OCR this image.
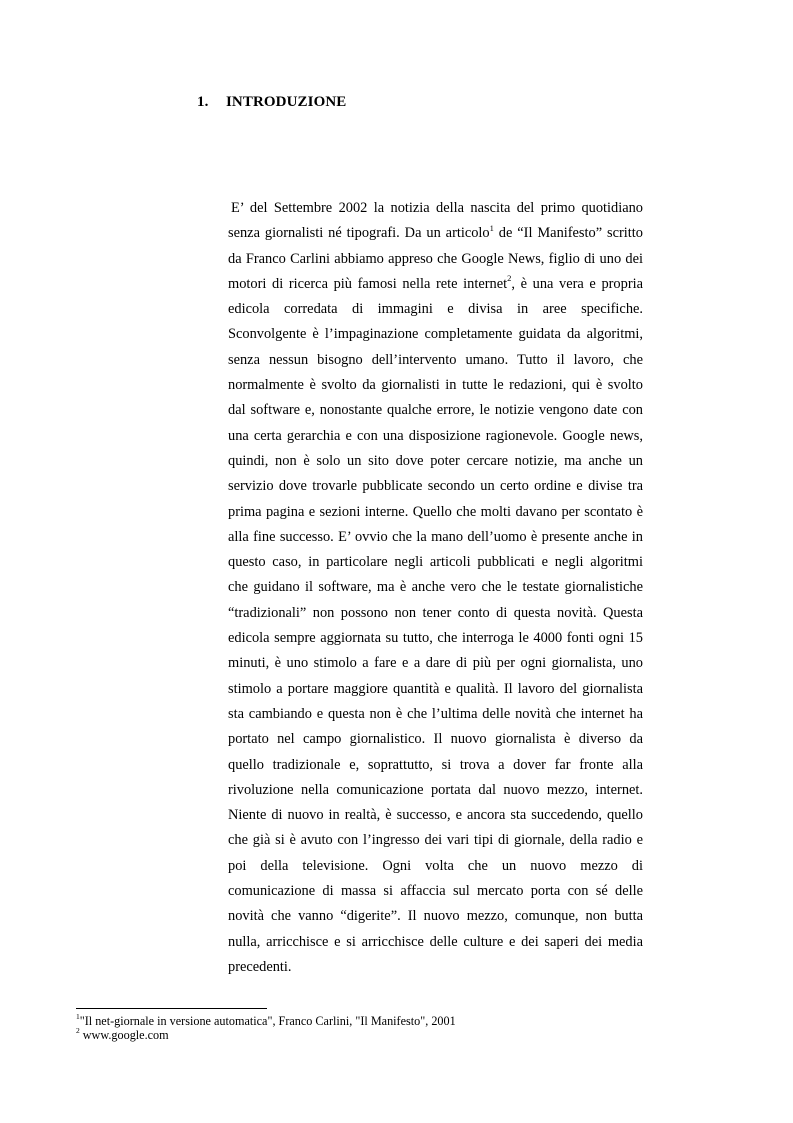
1. INTRODUZIONE
E’ del Settembre 2002 la notizia della nascita del primo quotidiano
senza giornalisti né tipografi. Da un articolo$^1$ de “Il Manifesto” scritto
da Franco Carlini abbiamo appreso che Google News, figlio di uno dei
motori di ricerca più famosi nella rete internet$^2$, è una vera e propria
edicola corredata di immagini e divisa in aree specifiche.
Sconvolgente è l’impaginazione completamente guidata da algoritmi,
senza nessun bisogno dell’intervento umano. Tutto il lavoro, che
normalmente è svolto da giornalisti in tutte le redazioni, qui è svolto
dal software e, nonostante qualche errore, le notizie vengono date con
una certa gerarchia e con una disposizione ragionevole. Google news,
quindi, non è solo un sito dove poter cercare notizie, ma anche un
servizio dove trovarle pubblicate secondo un certo ordine e divise tra
prima pagina e sezioni interne. Quello che molti davano per scontato è
alla fine successo. E’ ovvio che la mano dell’uomo è presente anche in
questo caso, in particolare negli articoli pubblicati e negli algoritmi
che guidano il software, ma è anche vero che le testate giornalistiche
“tradizionali” non possono non tener conto di questa novità. Questa
edicola sempre aggiornata su tutto, che interroga le 4000 fonti ogni 15
minuti, è uno stimolo a fare e a dare di più per ogni giornalista, uno
stimolo a portare maggiore quantità e qualità. Il lavoro del giornalista
sta cambiando e questa non è che l’ultima delle novità che internet ha
portato nel campo giornalistico. Il nuovo giornalista è diverso da
quello tradizionale e, soprattutto, si trova a dover far fronte alla
rivoluzione nella comunicazione portata dal nuovo mezzo, internet.
Niente di nuovo in realtà, è successo, e ancora sta succedendo, quello
che già si è avuto con l’ingresso dei vari tipi di giornale, della radio e
poi della televisione. Ogni volta che un nuovo mezzo di
comunicazione di massa si affaccia sul mercato porta con sé delle
novità che vanno “digerite”. Il nuovo mezzo, comunque, non butta
nulla, arricchisce e si arricchisce delle culture e dei saperi dei media
precedenti.

$^1$"Il net-giornale in versione automatica", Franco Carlini, "Il Manifesto", 2001

$^2$ www.google.com
